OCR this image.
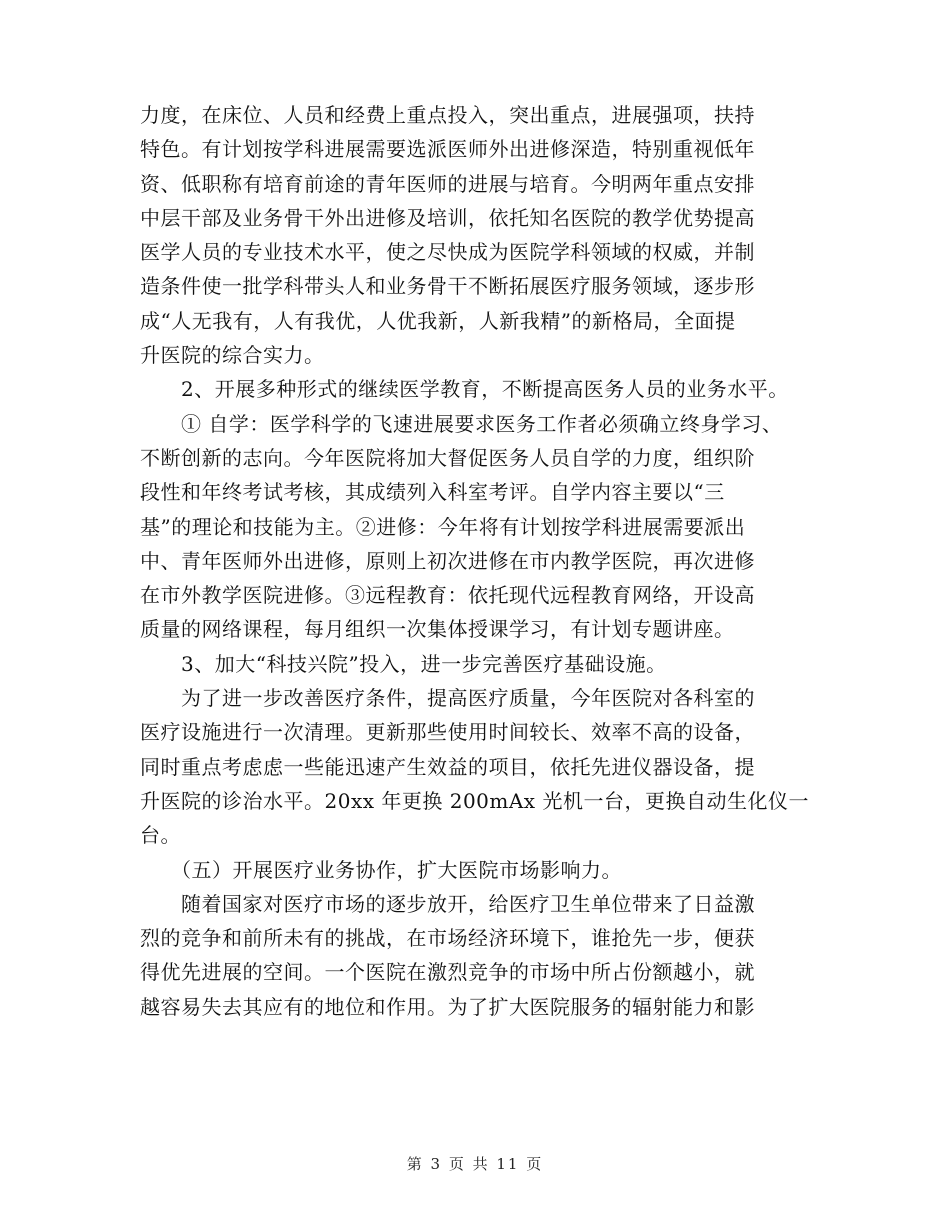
力度，在床位、人员和经费上重点投入，突出重点，进展强项，扶持
特色。有计划按学科进展需要选派医师外出进修深造，特别重视低年
资、低职称有培育前途的青年医师的进展与培育。今明两年重点安排
中层干部及业务骨干外出进修及培训，依托知名医院的教学优势提高
医学人员的专业技术水平，使之尽快成为医院学科领域的权威，并制
造条件使一批学科带头人和业务骨干不断拓展医疗服务领域，逐步形
成“人无我有，人有我优，人优我新，人新我精”的新格局，全面提
升医院的综合实力。
　　2、开展多种形式的继续医学教育，不断提高医务人员的业务水平。
　　① 自学：医学科学的飞速进展要求医务工作者必须确立终身学习、
不断创新的志向。今年医院将加大督促医务人员自学的力度，组织阶
段性和年终考试考核，其成绩列入科室考评。自学内容主要以“三
基”的理论和技能为主。②进修：今年将有计划按学科进展需要派出
中、青年医师外出进修，原则上初次进修在市内教学医院，再次进修
在市外教学医院进修。③远程教育：依托现代远程教育网络，开设高
质量的网络课程，每月组织一次集体授课学习，有计划专题讲座。
　　3、加大“科技兴院”投入，进一步完善医疗基础设施。
　　为了进一步改善医疗条件，提高医疗质量，今年医院对各科室的
医疗设施进行一次清理。更新那些使用时间较长、效率不高的设备，
同时重点考虑虑一些能迅速产生效益的项目，依托先进仪器设备，提
升医院的诊治水平。20xx 年更换 200mAx 光机一台，更换自动生化仪一
台。
　　（五）开展医疗业务协作，扩大医院市场影响力。
　　随着国家对医疗市场的逐步放开，给医疗卫生单位带来了日益激
烈的竞争和前所未有的挑战，在市场经济环境下，谁抢先一步，便获
得优先进展的空间。一个医院在激烈竞争的市场中所占份额越小，就
越容易失去其应有的地位和作用。为了扩大医院服务的辐射能力和影
第 3 页 共 11 页
